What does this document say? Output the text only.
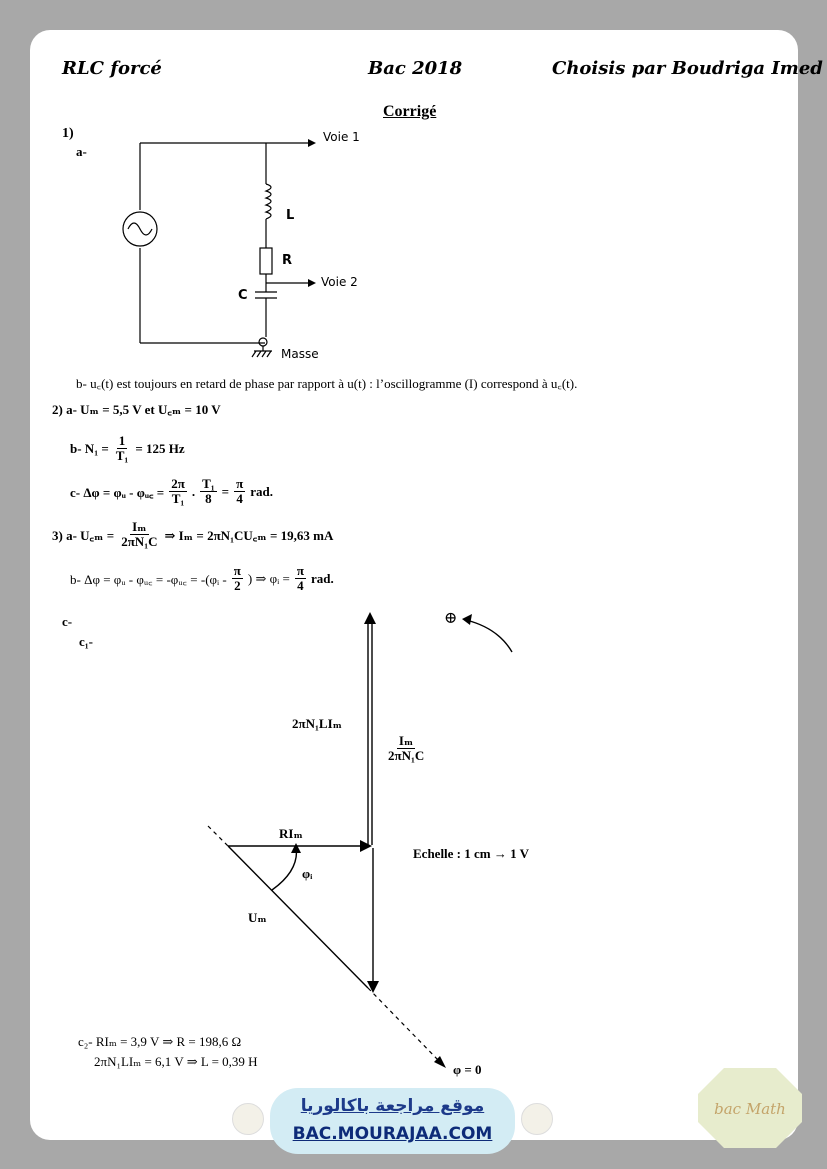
RLC forcé	Bac 2018	Choisis par Boudriga Imed
Corrigé
1)
a-
Voie 1
Voie 2
Masse
L
R
C
b- u꜀(t) est toujours en retard de phase par rapport à u(t) : l’oscillogramme (I) correspond à u꜀(t).
2) a- Uₘ = 5,5 V et U꜀ₘ = 10 V
b- $N_1 = \frac{1}{\text{T₁}} = 125$ Hz
c- Δφ = φᵤ - φᵤ꜀ = $\frac{2\pi}{\text{T₁}}$ . $\frac{\text{T₁}}{8} = \frac{\pi}{4}$ rad.
3) a- U꜀ₘ = $\frac{\text{Iₘ}}{\text{2πN₁C}}$ ⇒ Iₘ = 2πN₁CU꜀ₘ = 19,63 mA
b- Δφ = φᵤ - φᵤ꜀ = -φᵤ꜀ = -(φᵢ - $\frac{\pi}{2}$ ) ⇒ φᵢ = $\frac{\pi}{4}$ rad.
c-
c₁-
⊕
2πN₁LIₘ
$\frac{\text{Iₘ}}{\text{2πN₁C}}$
RIₘ
φᵢ
Uₘ
Echelle : 1 cm → 1 V
φ = 0
c₂- RIₘ = 3,9 V ⇒ R = 198,6 Ω
2πN₁LIₘ = 6,1 V ⇒ L = 0,39 H
موقع مراجعة باكالوريا
BAC.MOURAJAA.COM
bac Math
